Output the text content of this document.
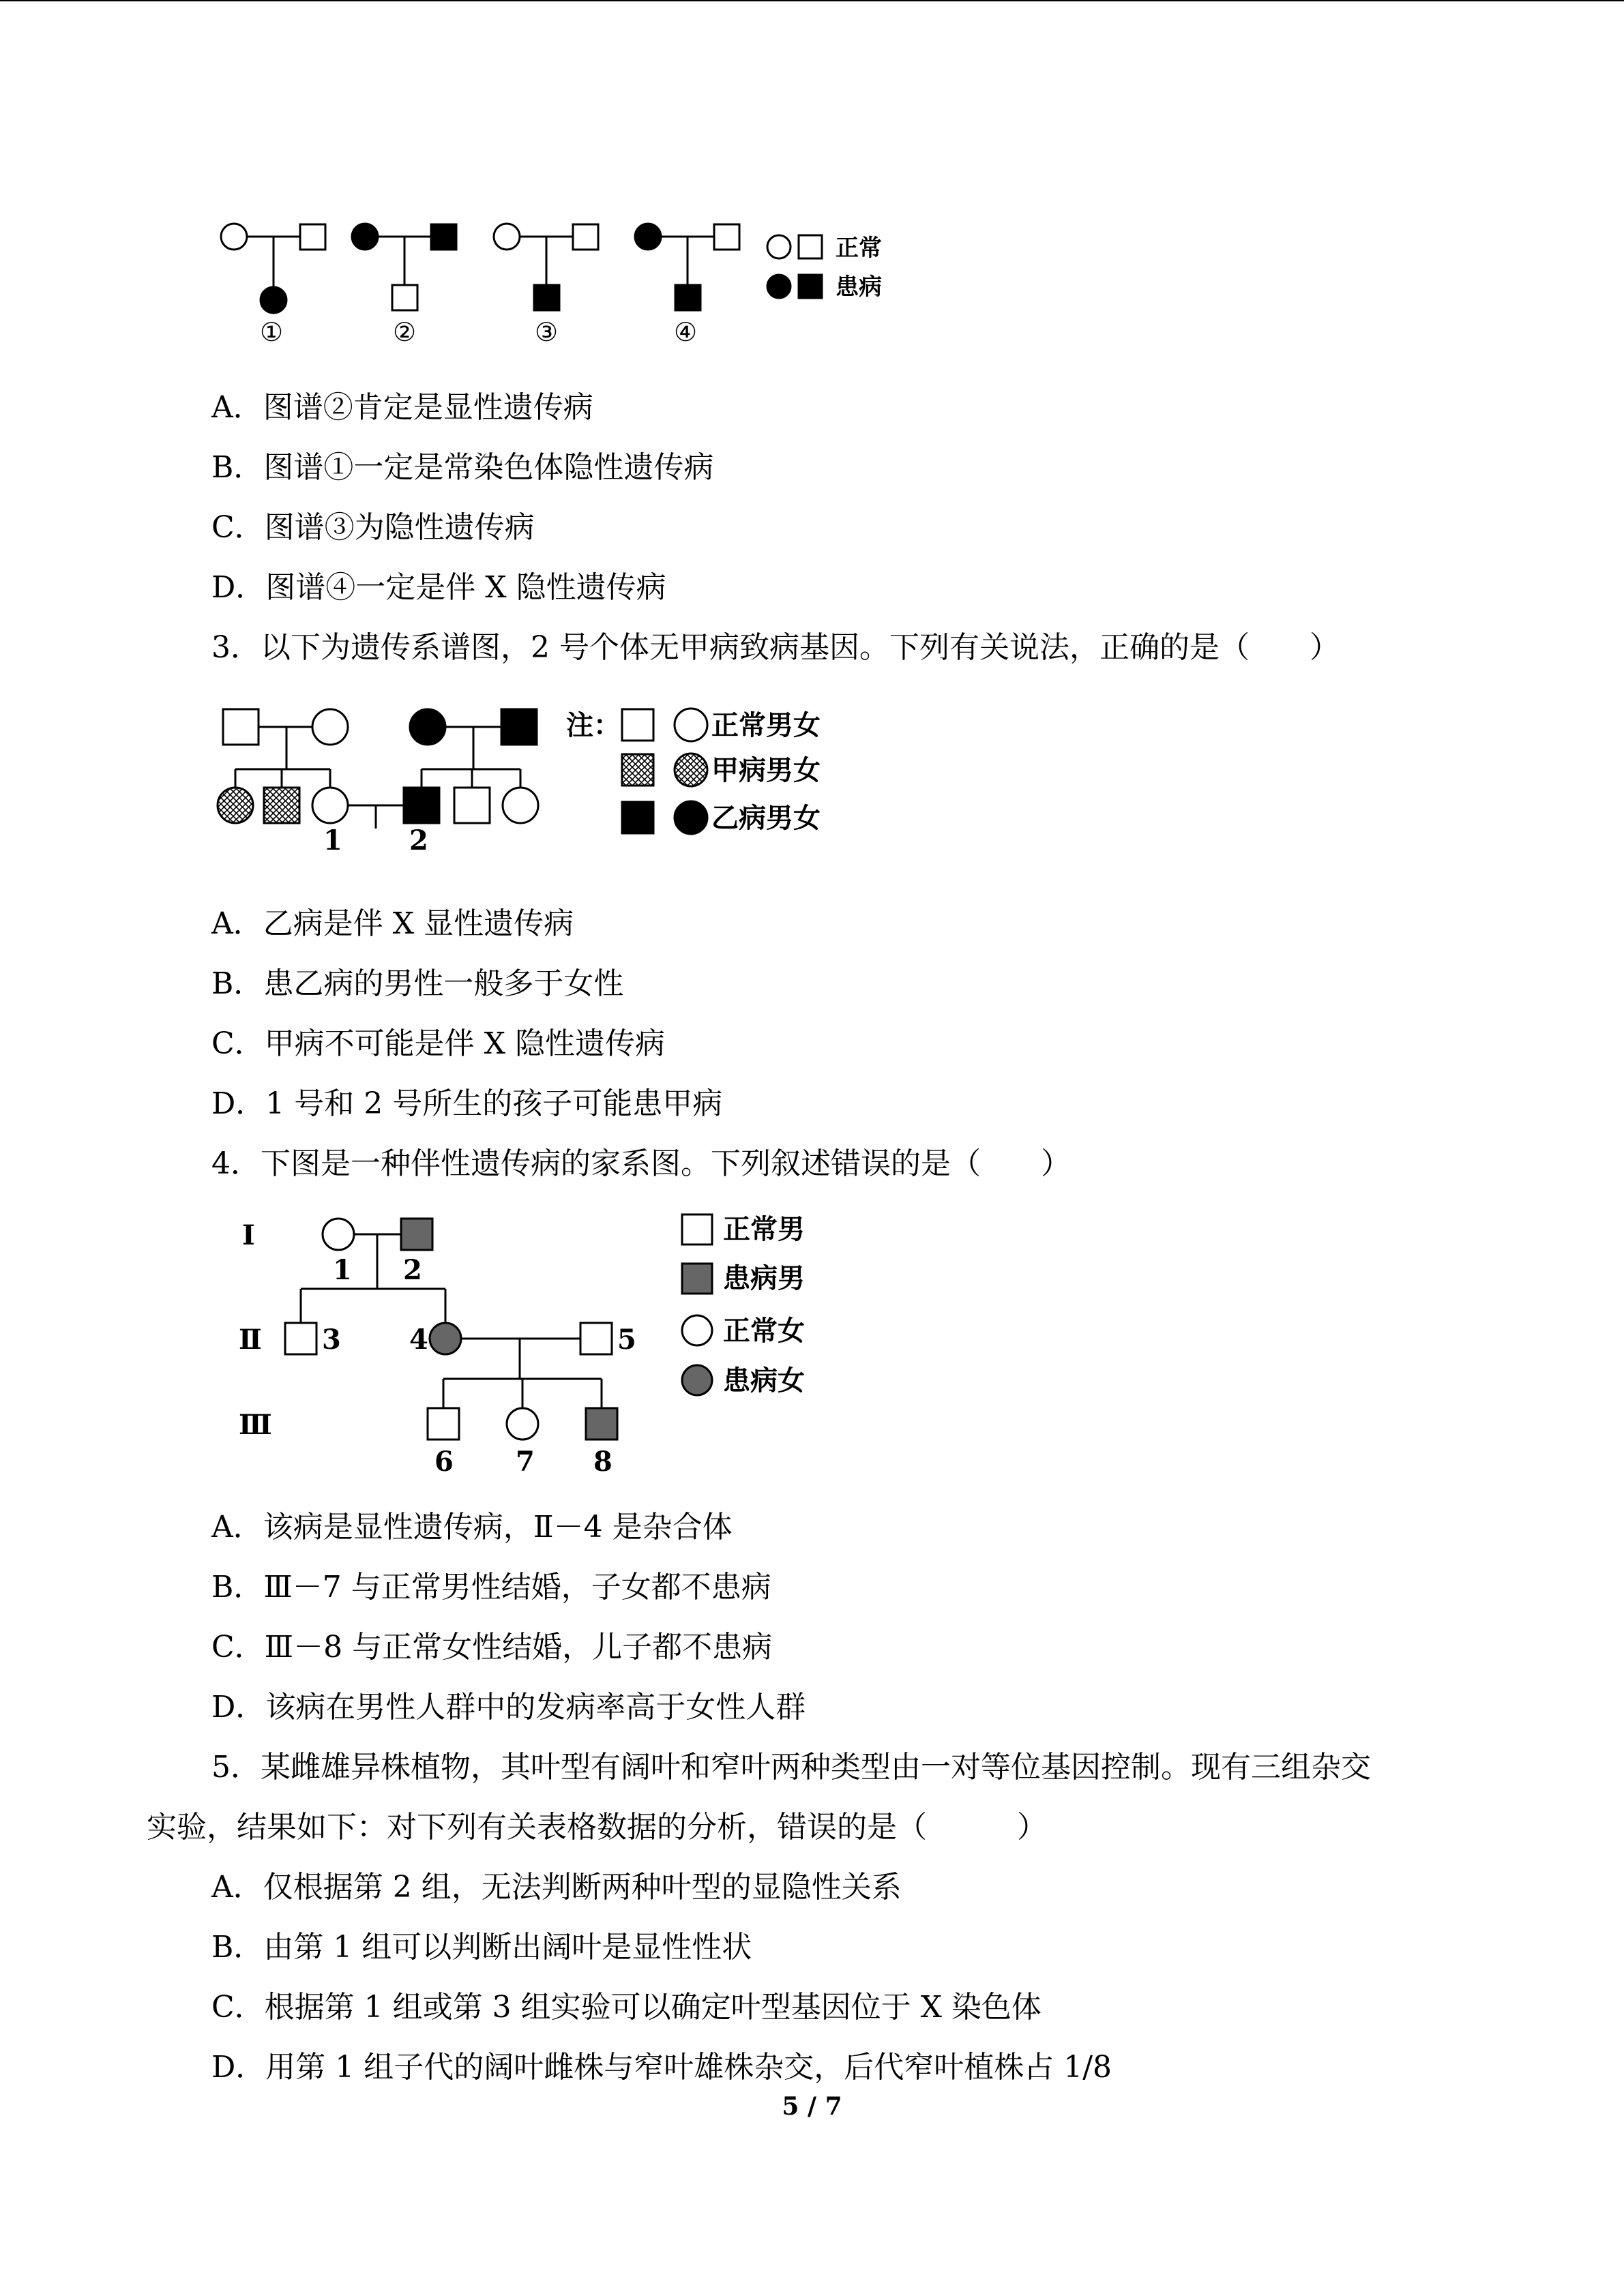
①	②	③	④
正常
患病
A．图谱②肯定是显性遗传病
B．图谱①一定是常染色体隐性遗传病
C．图谱③为隐性遗传病
D．图谱④一定是伴 X 隐性遗传病
3．以下为遗传系谱图，2 号个体无甲病致病基因。下列有关说法，正确的是（　　）
1 2
注：	正常男女
甲病男女
乙病男女
A．乙病是伴 X 显性遗传病
B．患乙病的男性一般多于女性
C．甲病不可能是伴 X 隐性遗传病
D．1 号和 2 号所生的孩子可能患甲病
4．下图是一种伴性遗传病的家系图。下列叙述错误的是（　　）
Ⅰ
Ⅱ
Ⅲ
1 2
3	4	5
6 7 8
正常男
患病男
正常女
患病女
A．该病是显性遗传病，Ⅱ－4 是杂合体
B．Ⅲ－7 与正常男性结婚，子女都不患病
C．Ⅲ－8 与正常女性结婚，儿子都不患病
D．该病在男性人群中的发病率高于女性人群
5．某雌雄异株植物，其叶型有阔叶和窄叶两种类型由一对等位基因控制。现有三组杂交
实验，结果如下：对下列有关表格数据的分析，错误的是（　　　）
A．仅根据第 2 组，无法判断两种叶型的显隐性关系
B．由第 1 组可以判断出阔叶是显性性状
C．根据第 1 组或第 3 组实验可以确定叶型基因位于 X 染色体
D．用第 1 组子代的阔叶雌株与窄叶雄株杂交，后代窄叶植株占 1/8
5 / 7
